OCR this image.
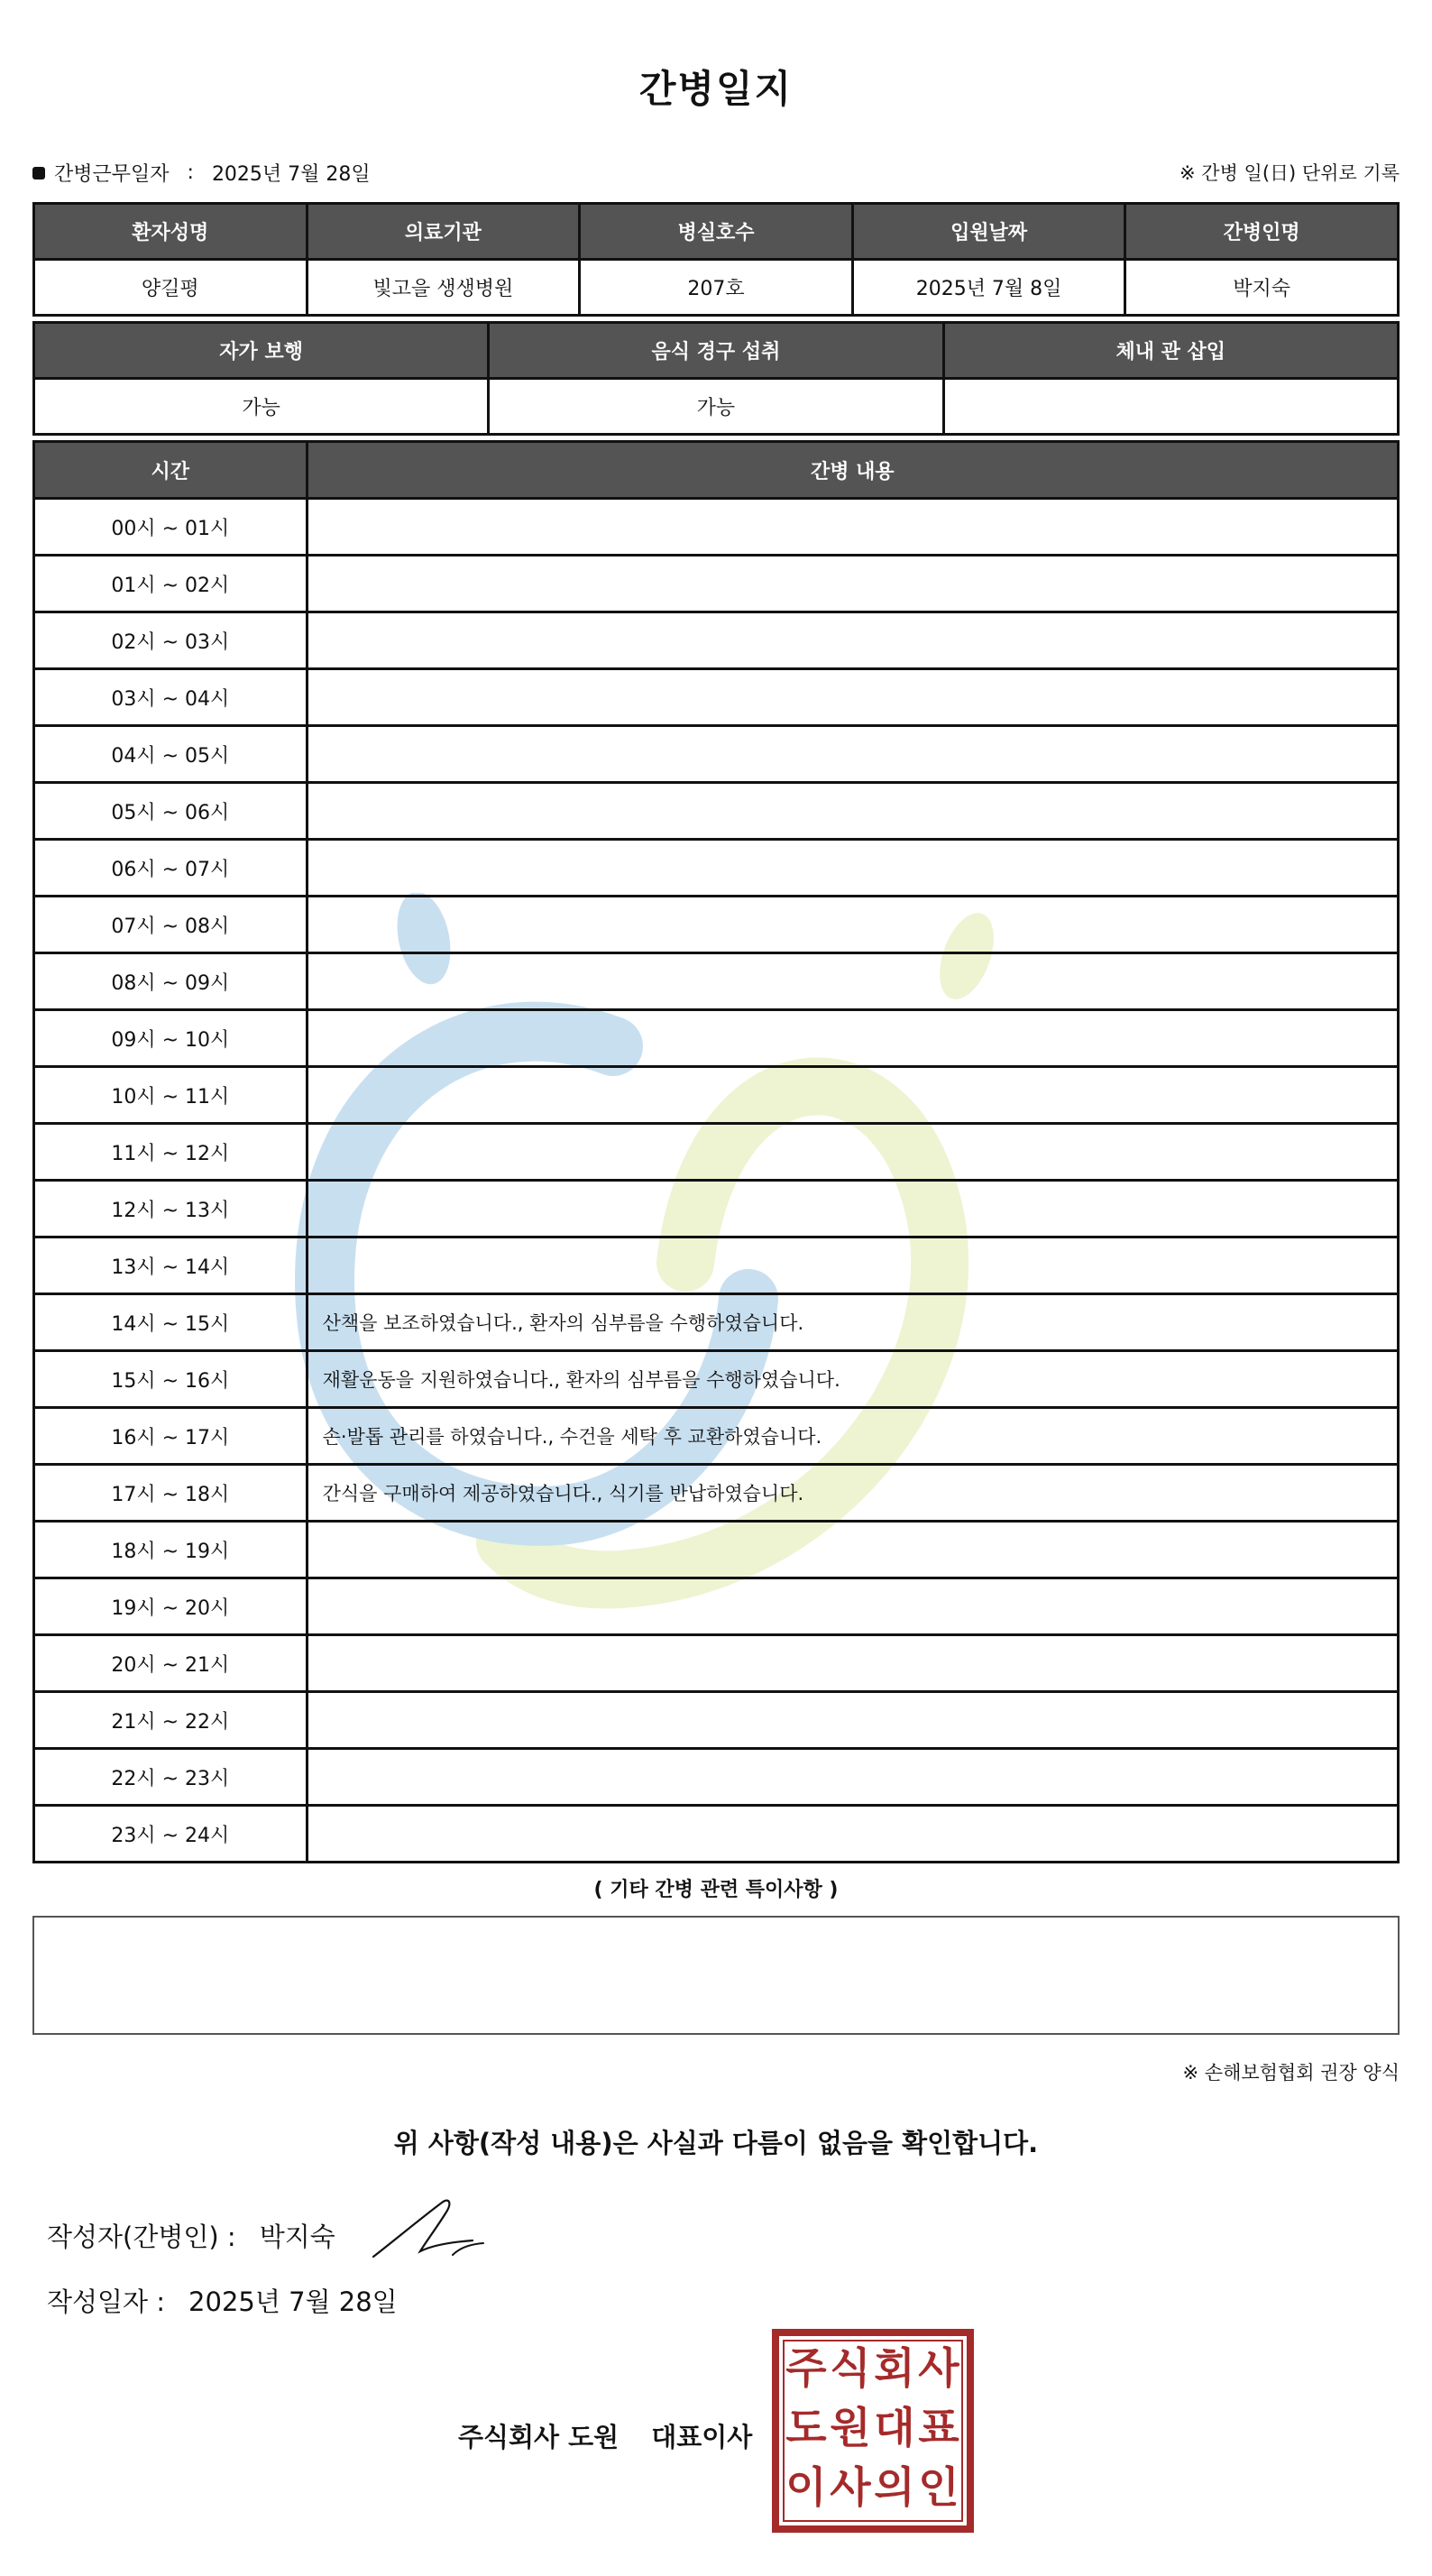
간병일지
간병근무일자 : 2025년 7월 28일	※ 간병 일(日) 단위로 기록
환자성명	의료기관	병실호수	입원날짜	간병인명
양길평	빛고을 생생병원	207호	2025년 7월 8일	박지숙
자가 보행	음식 경구 섭취	체내 관 삽입
가능	가능	
시간	간병 내용
00시 ~ 01시	
01시 ~ 02시	
02시 ~ 03시	
03시 ~ 04시	
04시 ~ 05시	
05시 ~ 06시	
06시 ~ 07시	
07시 ~ 08시	
08시 ~ 09시	
09시 ~ 10시	
10시 ~ 11시	
11시 ~ 12시	
12시 ~ 13시	
13시 ~ 14시	
14시 ~ 15시	산책을 보조하였습니다., 환자의 심부름을 수행하였습니다.
15시 ~ 16시	재활운동을 지원하였습니다., 환자의 심부름을 수행하였습니다.
16시 ~ 17시	손·발톱 관리를 하였습니다., 수건을 세탁 후 교환하였습니다.
17시 ~ 18시	간식을 구매하여 제공하였습니다., 식기를 반납하였습니다.
18시 ~ 19시	
19시 ~ 20시	
20시 ~ 21시	
21시 ~ 22시	
22시 ~ 23시	
23시 ~ 24시	
( 기타 간병 관련 특이사항 )
※ 손해보험협회 권장 양식
위 사항(작성 내용)은 사실과 다름이 없음을 확인합니다.
작성자(간병인) : 박지숙
작성일자 : 2025년 7월 28일
주식회사 도원 대표이사
주 식 회 사
도 원 대 표
이 사 의 인
